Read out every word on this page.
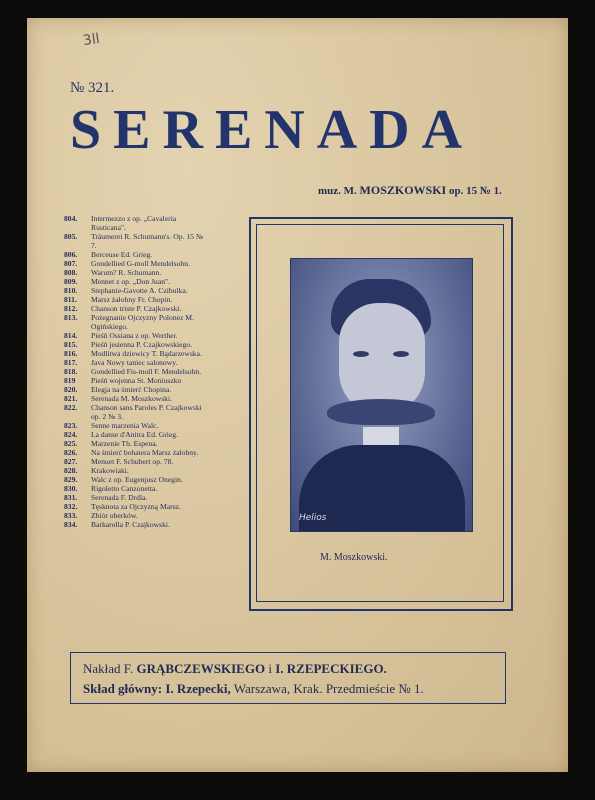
3ll
№ 321.
SERENADA
muz. M. MOSZKOWSKI op. 15 № 1.
804.	Intermezzo z op. „Cavaleria Rusticana".
805.	Träumerei R. Schumann's. Op. 15 № 7.
806.	Berceuse Ed. Grieg.
807.	Gondellied G-moll Mendelsohn.
808.	Warum? R. Schumann.
809.	Mennet z op. „Don Juan".
810.	Stephanie-Gavotte A. Czibulka.
811.	Marsz żałobny Fr. Chopin.
812.	Chanson triste P. Czajkowski.
813.	Pożegnanie Ojczyzny Polonez M. Ogińskiego.
814.	Pieśń Ossiana z op. Werther.
815.	Pieśń jesienna P. Czajkowskiego.
816.	Modlitwa dziewicy T. Bądarzewska.
817.	Java Nowy taniec salonowy.
818.	Gondellied Fis-moll F. Mendelsohn.
819	Pieśń wojenna St. Moniuszko
820.	Elegja na śmierć Chopina.
821.	Serenada M. Moszkowski.
822.	Chanson sans Paroles P. Czajkowski op. 2 № 3.
823.	Senne marzenia Walc.
824.	La danse d'Anitra Ed. Grieg.
825.	Marzenie Th. Espena.
826.	Na śmierć bohatera Marsz żałobny.
827.	Menuet F. Schubert op. 78.
828.	Krakowiaki.
829.	Walc z op. Eugenjusz Onegin.
830.	Rigoletto Canzonetta.
831.	Serenada F. Drdla.
832.	Tęsknota za Ojczyzną Marsz.
833.	Zbiór oberków.
834.	Barkarolla P. Czajkowski.
Helios
M. Moszkowski.
Nakład F. GRĄBCZEWSKIEGO i I. RZEPECKIEGO.
Skład główny: I. Rzepecki, Warszawa, Krak. Przedmieście № 1.
